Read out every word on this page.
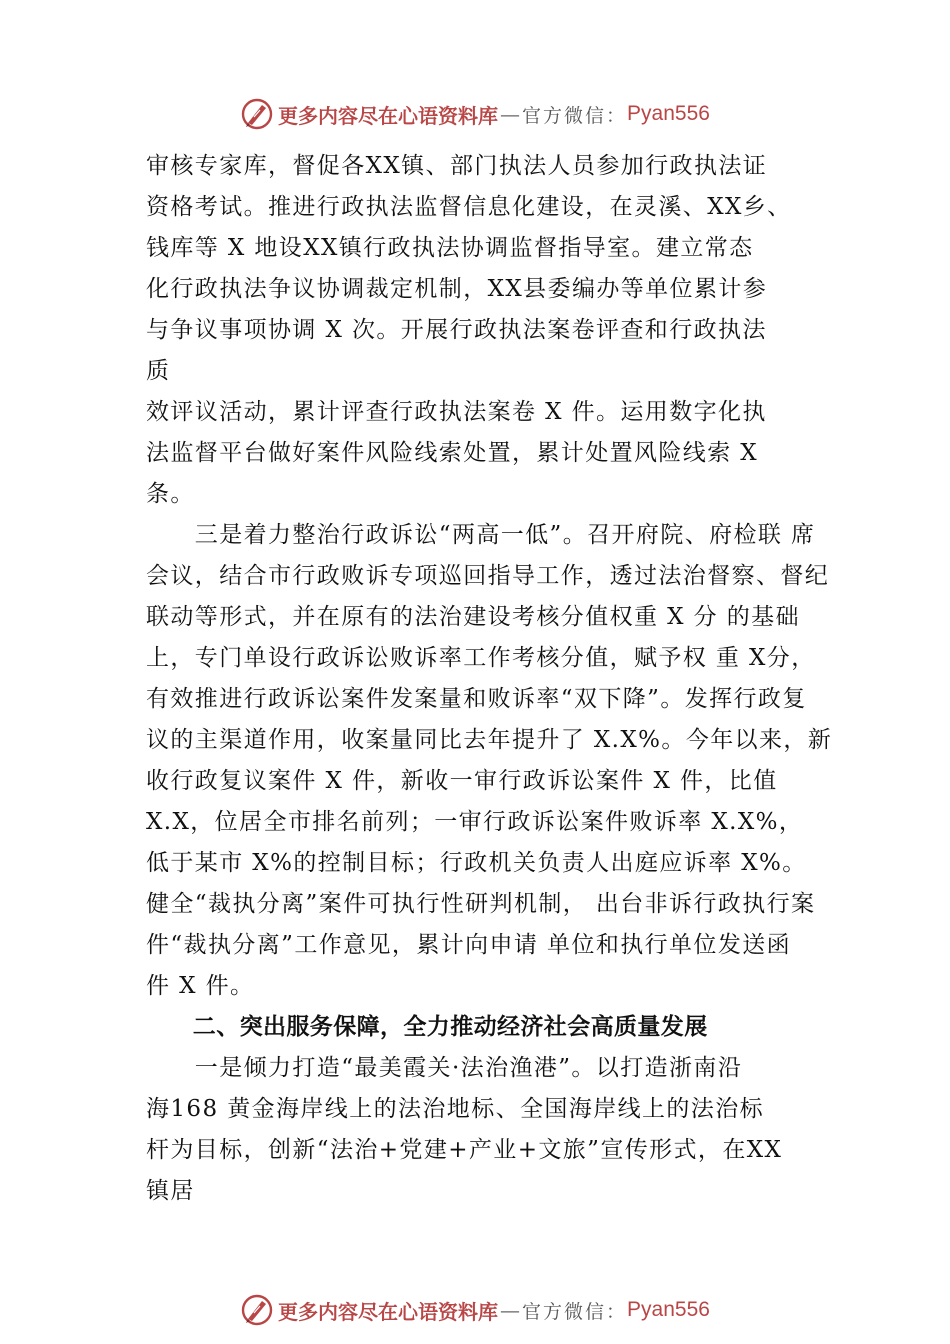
更多内容尽在心语资料库 — 官方微信： Pyan556
审核专家库，督促各XX镇、部门执法人员参加行政执法证
资格考试。推进行政执法监督信息化建设，在灵溪、XX乡、
钱库等 X 地设XX镇行政执法协调监督指导室。建立常态
化行政执法争议协调裁定机制，XX县委编办等单位累计参
与争议事项协调 X 次。开展行政执法案卷评查和行政执法
质
效评议活动，累计评查行政执法案卷 X 件。运用数字化执
法监督平台做好案件风险线索处置，累计处置风险线索 X
条。
　　三是着力整治行政诉讼“两高一低”。召开府院、府检联 席
会议，结合市行政败诉专项巡回指导工作，透过法治督察、督纪
联动等形式，并在原有的法治建设考核分值权重 X 分 的基础
上，专门单设行政诉讼败诉率工作考核分值，赋予权 重 X分，
有效推进行政诉讼案件发案量和败诉率“双下降”。发挥行政复
议的主渠道作用，收案量同比去年提升了 X.X%。今年以来，新
收行政复议案件 X 件，新收一审行政诉讼案件 X 件，比值
X.X，位居全市排名前列；一审行政诉讼案件败诉率 X.X%，
低于某市 X%的控制目标；行政机关负责人出庭应诉率 X%。
健全“裁执分离”案件可执行性研判机制， 出台非诉行政执行案
件“裁执分离”工作意见，累计向申请 单位和执行单位发送函
件 X 件。
　　二、突出服务保障，全力推动经济社会高质量发展
　　一是倾力打造“最美霞关·法治渔港”。以打造浙南沿
海168 黄金海岸线上的法治地标、全国海岸线上的法治标
杆为目标，创新“法治+党建+产业+文旅”宣传形式，在XX
镇居
更多内容尽在心语资料库 — 官方微信： Pyan556
